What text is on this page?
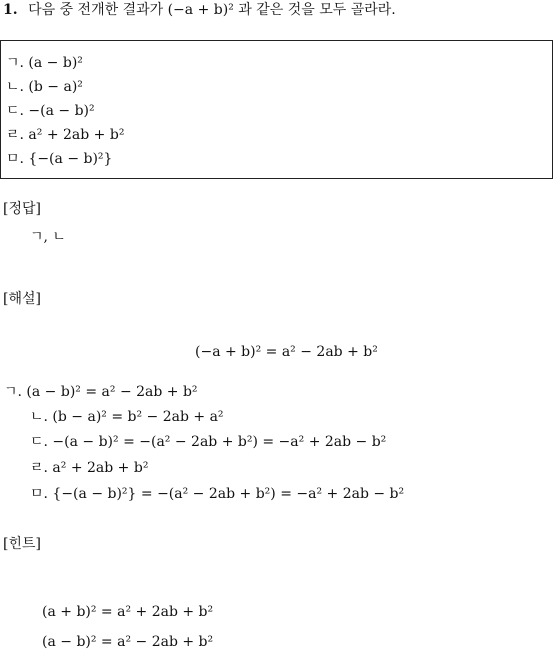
1. 다음 중 전개한 결과가 (−a + b)² 과 같은 것을 모두 골라라.
ㄱ. (a − b)²
ㄴ. (b − a)²
ㄷ. −(a − b)²
ㄹ. a² + 2ab + b²
ㅁ. {−(a − b)²}
[정답]
ㄱ, ㄴ
[해설]
(−a + b)² = a² − 2ab + b²
ㄱ. (a − b)² = a² − 2ab + b²
ㄴ. (b − a)² = b² − 2ab + a²
ㄷ. −(a − b)² = −(a² − 2ab + b²) = −a² + 2ab − b²
ㄹ. a² + 2ab + b²
ㅁ. {−(a − b)²} = −(a² − 2ab + b²) = −a² + 2ab − b²
[힌트]
(a + b)² = a² + 2ab + b²
(a − b)² = a² − 2ab + b²
